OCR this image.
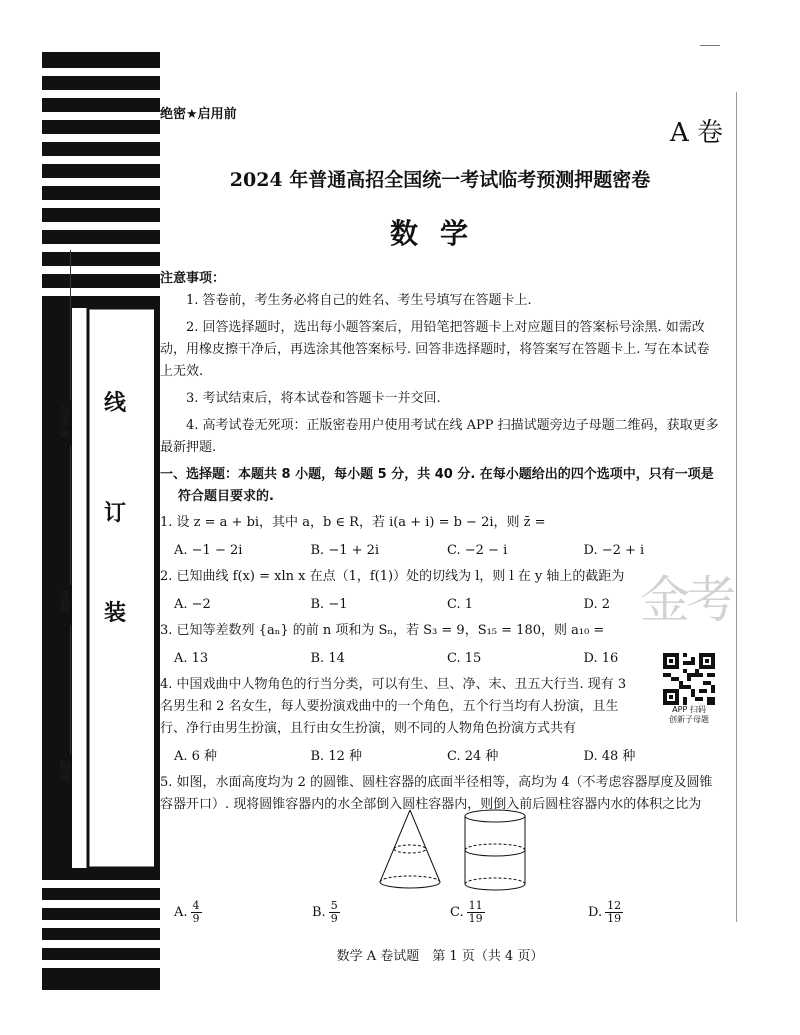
考生号
姓名
班级
线
订
装
绝密★启用前
A 卷
2024 年普通高招全国统一考试临考预测押题密卷
数学
金考
注意事项：

1. 答卷前，考生务必将自己的姓名、考生号填写在答题卡上.

2. 回答选择题时，选出每小题答案后，用铅笔把答题卡上对应题目的答案标号涂黑. 如需改动，用橡皮擦干净后，再选涂其他答案标号. 回答非选择题时，将答案写在答题卡上. 写在本试卷上无效.

3. 考试结束后，将本试卷和答题卡一并交回.

4. 高考试卷无死项：正版密卷用户使用考试在线 APP 扫描试题旁边子母题二维码，获取更多最新押题.

一、选择题：本题共 8 小题，每小题 5 分，共 40 分. 在每小题给出的四个选项中，只有一项是符合题目要求的.
1. 设 z = a + bi，其中 a，b ∈ R，若 i(a + i) = b − 2i，则 z̄ =
A. −1 − 2i	B. −1 + 2i	C. −2 − i	D. −2 + i
2. 已知曲线 f(x) = xln x 在点（1，f(1)）处的切线为 l，则 l 在 y 轴上的截距为
A. −2	B. −1	C. 1	D. 2
3. 已知等差数列 {aₙ} 的前 n 项和为 Sₙ，若 S₃ = 9，S₁₅ = 180，则 a₁₀ =
A. 13	B. 14	C. 15	D. 16
4. 中国戏曲中人物角色的行当分类，可以有生、旦、净、末、丑五大行当. 现有 3 名男生和 2 名女生，每人要扮演戏曲中的一个角色，五个行当均有人扮演，且生行、净行由男生扮演，且行由女生扮演，则不同的人物角色扮演方式共有
A. 6 种	B. 12 种	C. 24 种	D. 48 种
5. 如图，水面高度均为 2 的圆锥、圆柱容器的底面半径相等，高均为 4（不考虑容器厚度及圆锥容器开口）. 现将圆锥容器内的水全部倒入圆柱容器内，则倒入前后圆柱容器内水的体积之比为
APP 扫码
创新子母题
A. $\frac{4}{9}$	B. $\frac{5}{9}$	C. $\frac{11}{19}$	D. $\frac{12}{19}$
数学 A 卷试题　第 1 页（共 4 页）
